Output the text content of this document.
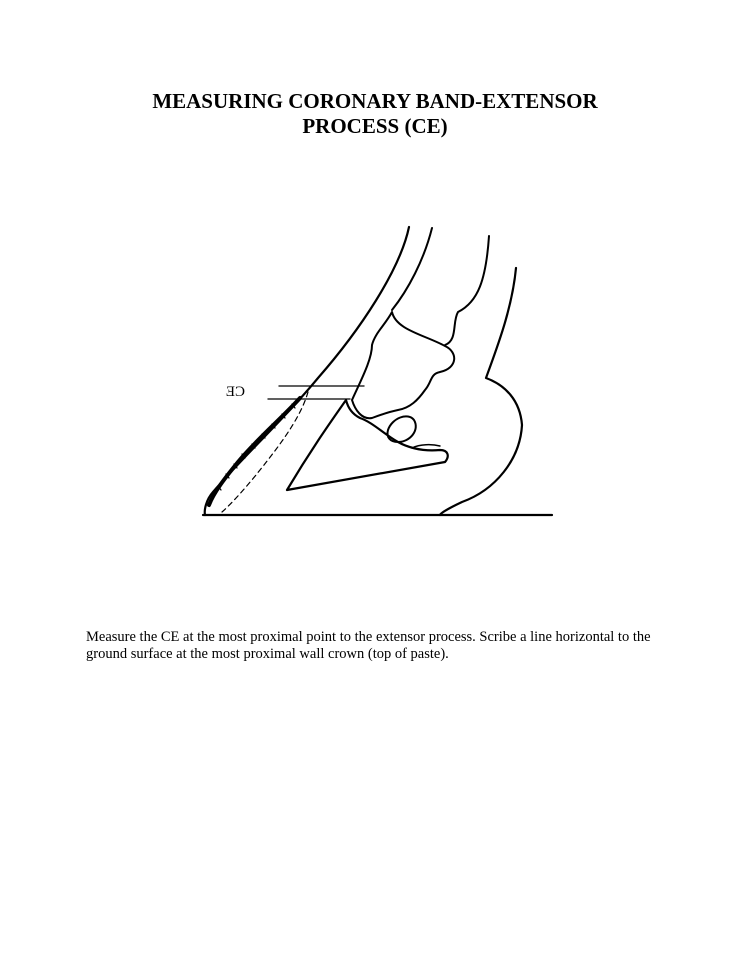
MEASURING CORONARY BAND-EXTENSOR
PROCESS (CE)
CE

Measure the CE at the most proximal point to the extensor process. Scribe a line horizontal to the ground surface at the most proximal wall crown (top of paste).
